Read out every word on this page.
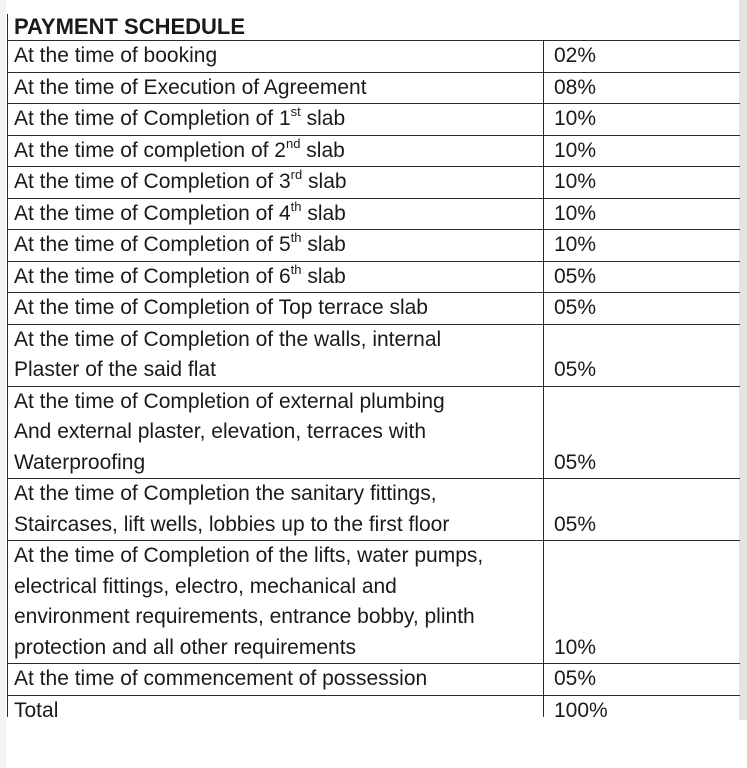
PAYMENT SCHEDULE	
At the time of booking	02%
At the time of Execution of Agreement	08%
At the time of Completion of 1st slab	10%
At the time of completion of 2nd slab	10%
At the time of Completion of 3rd slab	10%
At the time of Completion of 4th slab	10%
At the time of Completion of 5th slab	10%
At the time of Completion of 6th slab	05%
At the time of Completion of Top terrace slab	05%
At the time of Completion of the walls, internal
Plaster of the said flat	05%
At the time of Completion of external plumbing
And external plaster, elevation, terraces with
Waterproofing	05%
At the time of Completion the sanitary fittings,
Staircases, lift wells, lobbies up to the first floor	05%
At the time of Completion of the lifts, water pumps,
electrical fittings, electro, mechanical and
environment requirements, entrance bobby, plinth
protection and all other requirements	10%
At the time of commencement of possession	05%
Total	100%
